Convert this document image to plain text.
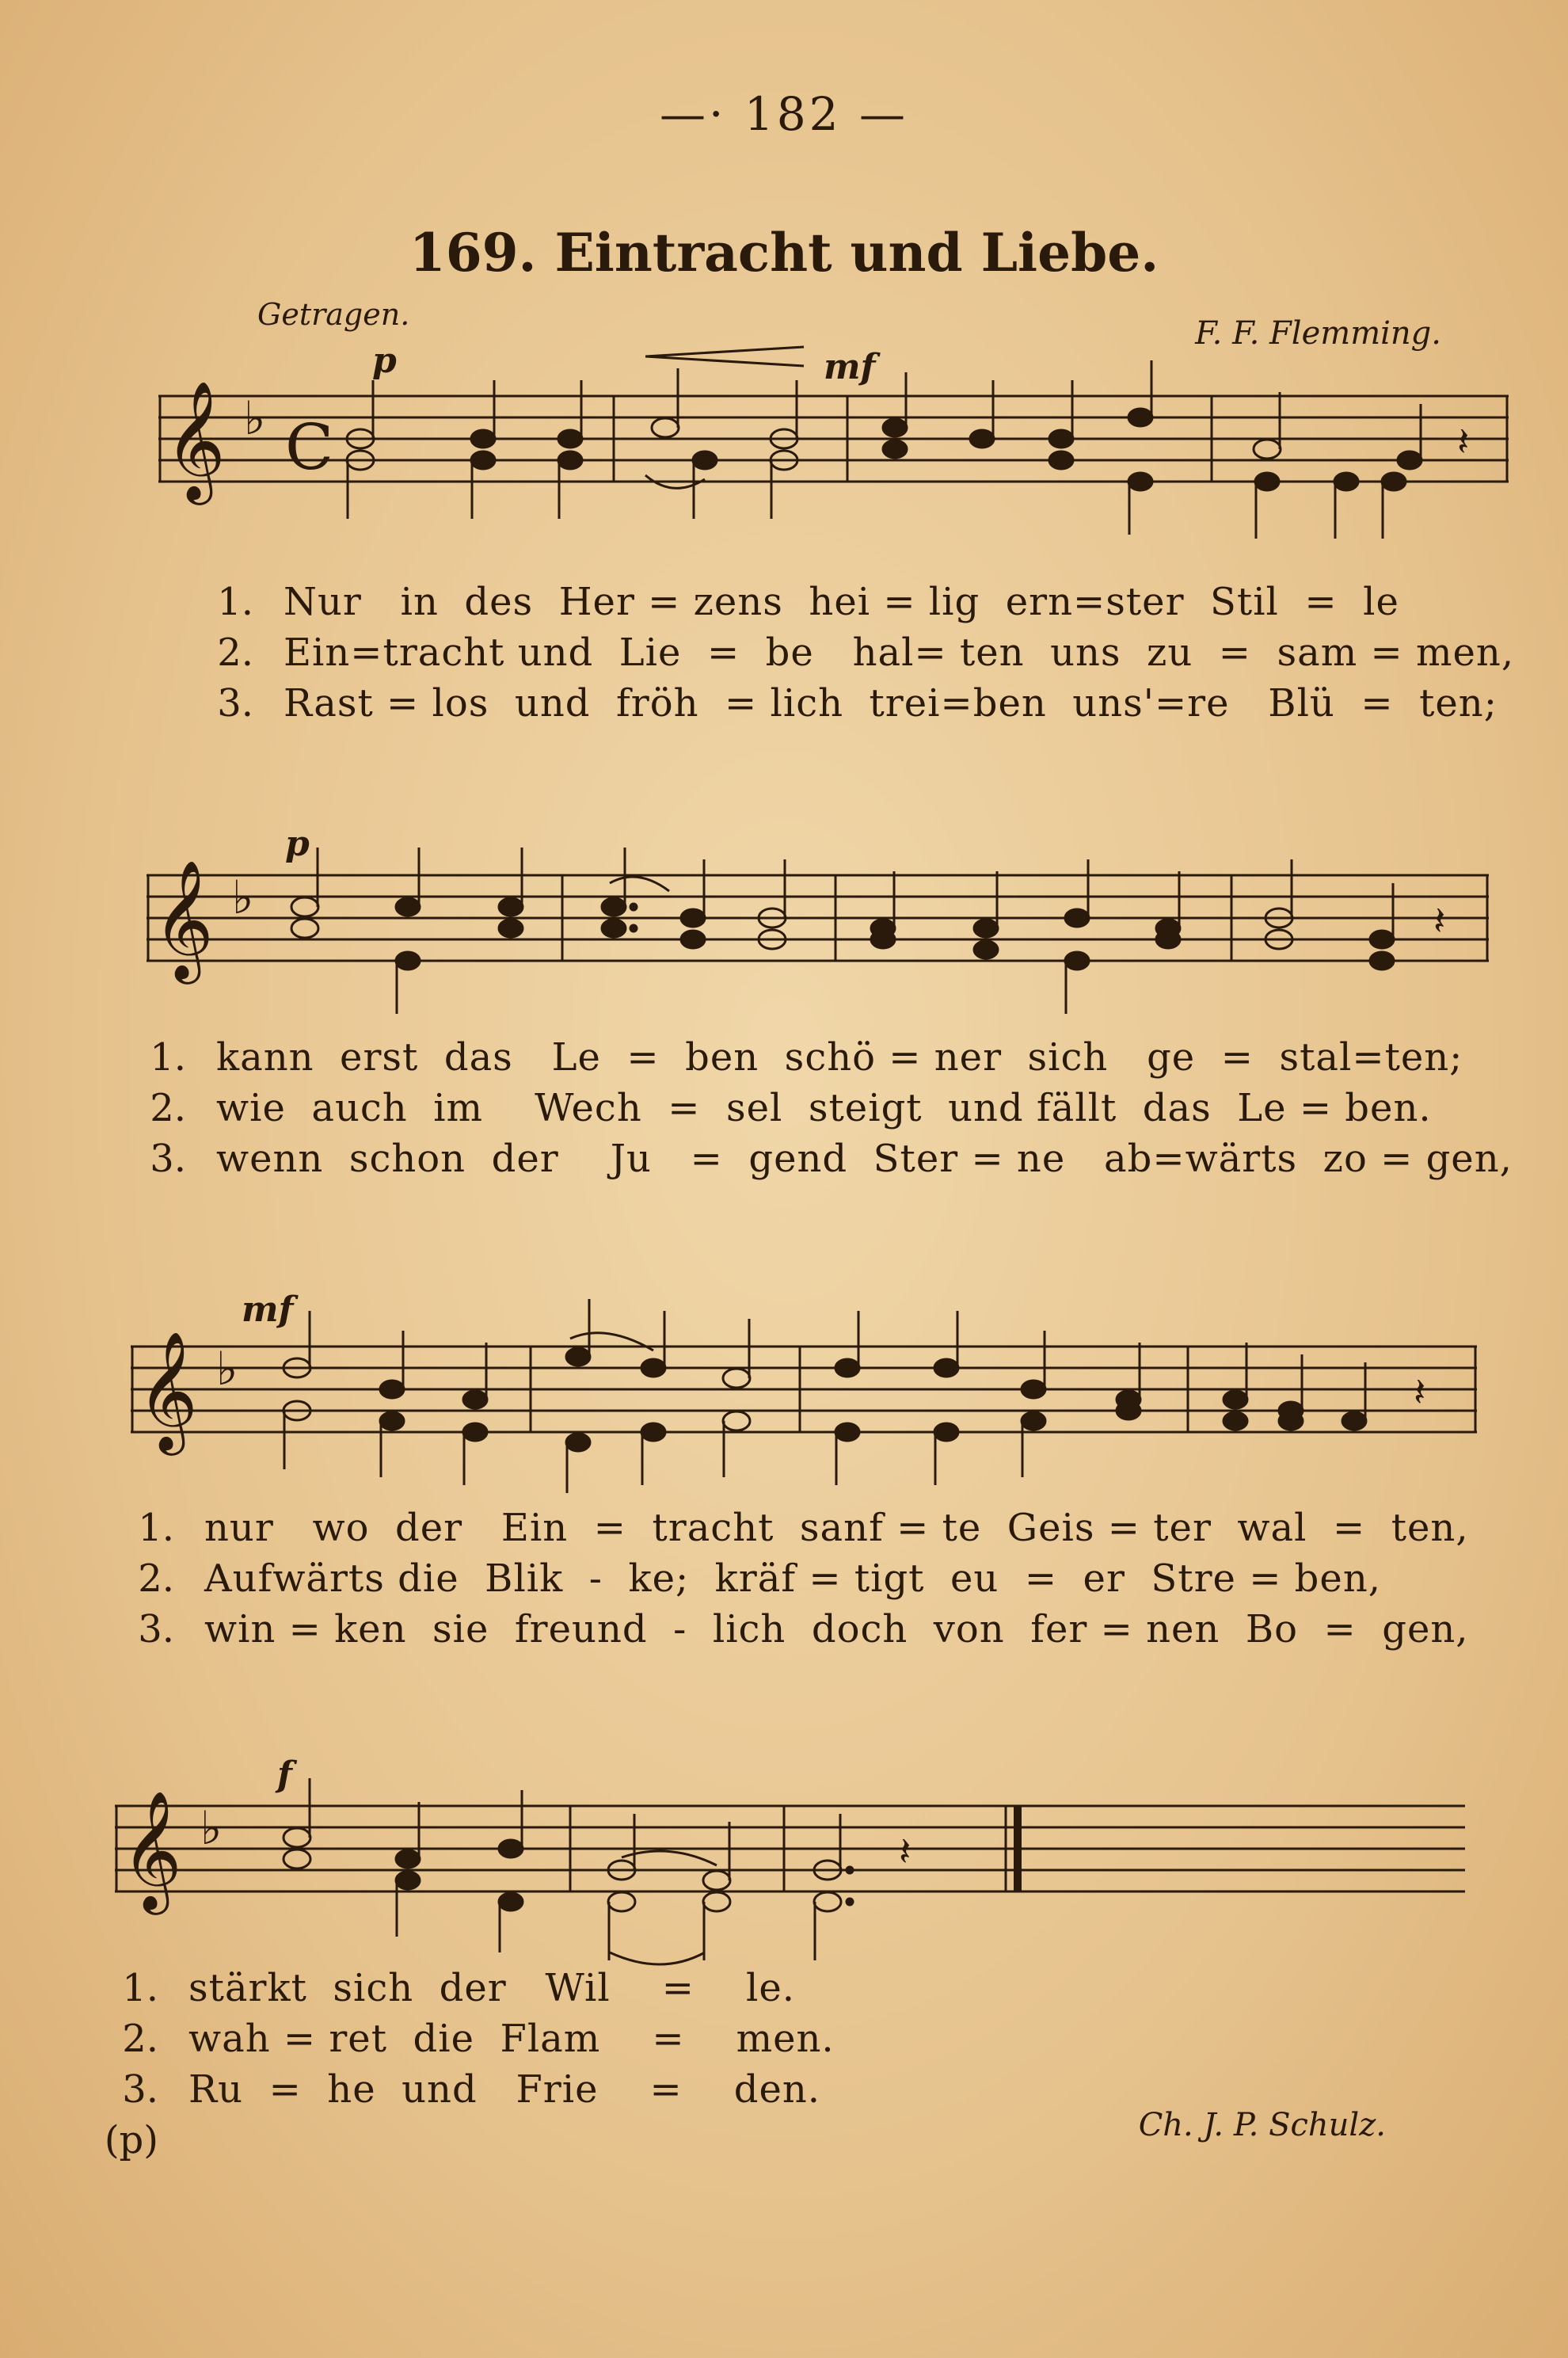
—· 182 —
169. Eintracht und Liebe.
Getragen.
F. F. Flemming.
p	mf
𝄞 ♭ C	𝄽
1. Nur   in  des  Her = zens  hei = lig  ern=ster  Stil  =  le
2. Ein=tracht und  Lie  =  be   hal= ten  uns  zu  =  sam = men,
3. Rast = los  und  fröh  = lich  trei=ben  uns'=re   Blü  =  ten;
p
𝄞 ♭	𝄽
1. kann  erst  das   Le  =  ben  schö = ner  sich   ge  =  stal=ten;
2. wie  auch  im    Wech  =  sel  steigt  und fällt  das  Le = ben.
3. wenn  schon  der    Ju   =  gend  Ster = ne   ab=wärts  zo = gen,
mf
𝄞 ♭	𝄽
1. nur   wo  der   Ein  =  tracht  sanf = te  Geis = ter  wal  =  ten,
2. Aufwärts die  Blik  -  ke;  kräf = tigt  eu  =  er  Stre = ben,
3. win = ken  sie  freund  -  lich  doch  von  fer = nen  Bo  =  gen,
f
𝄞 ♭	𝄽
1. stärkt  sich  der   Wil    =    le.
2. wah = ret  die  Flam    =    men.
3.(p)
Ru  =  he  und   Frie    =    den.
Ch. J. P. Schulz.
